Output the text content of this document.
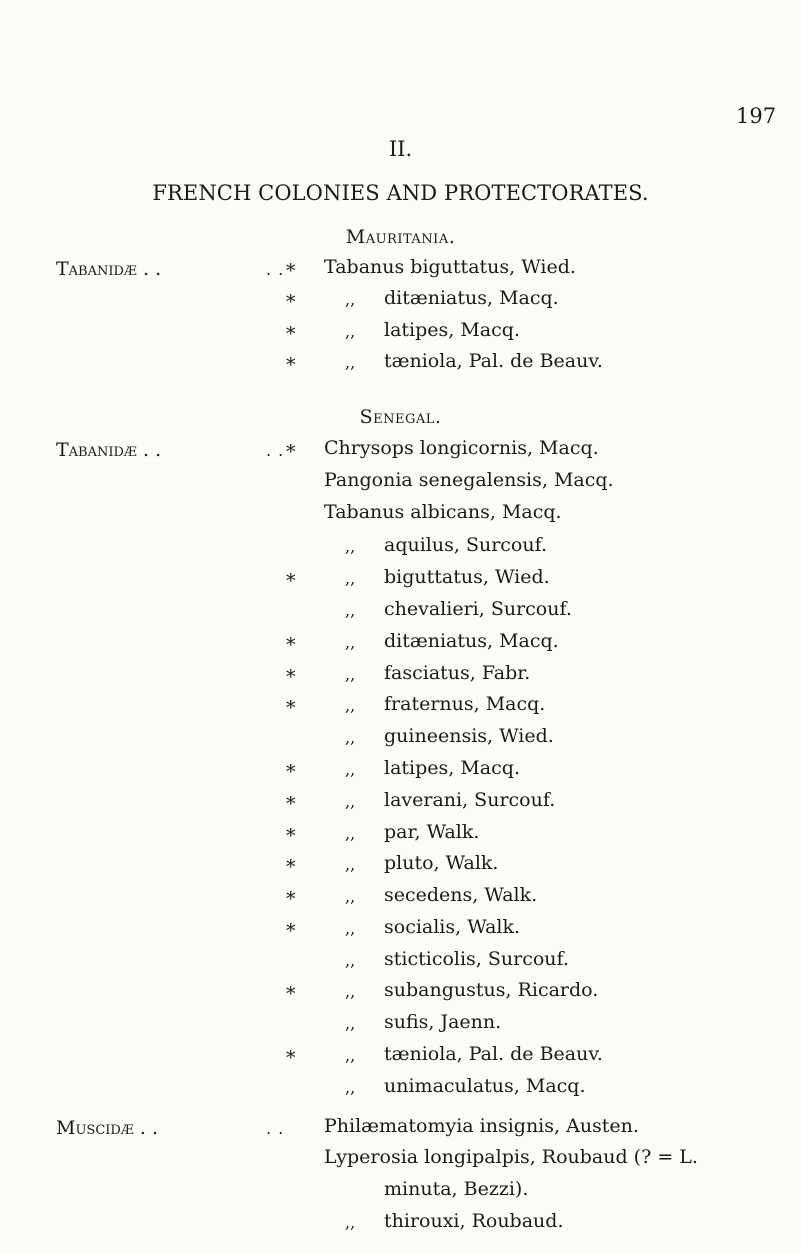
197
II.
FRENCH COLONIES AND PROTECTORATES.
Mauritania.
Tabanidæ . .	. . * Tabanus biguttatus, Wied.
*	,, ditæniatus, Macq.
*	,, latipes, Macq.
*	,, tæniola, Pal. de Beauv.
Senegal.
Tabanidæ . .	. . * Chrysops longicornis, Macq.
Pangonia senegalensis, Macq.
Tabanus albicans, Macq.
,, aquilus, Surcouf.
*	,, biguttatus, Wied.
,, chevalieri, Surcouf.
*	,, ditæniatus, Macq.
*	,, fasciatus, Fabr.
*	,, fraternus, Macq.
,, guineensis, Wied.
*	,, latipes, Macq.
*	,, laverani, Surcouf.
*	,, par, Walk.
*	,, pluto, Walk.
*	,, secedens, Walk.
*	,, socialis, Walk.
,, sticticolis, Surcouf.
*	,, subangustus, Ricardo.
,, sufis, Jaenn.
*	,, tæniola, Pal. de Beauv.
,, unimaculatus, Macq.
Muscidæ . .	. . Philæmatomyia insignis, Austen.
Lyperosia longipalpis, Roubaud (? = L.
minuta, Bezzi).
,, thirouxi, Roubaud.
